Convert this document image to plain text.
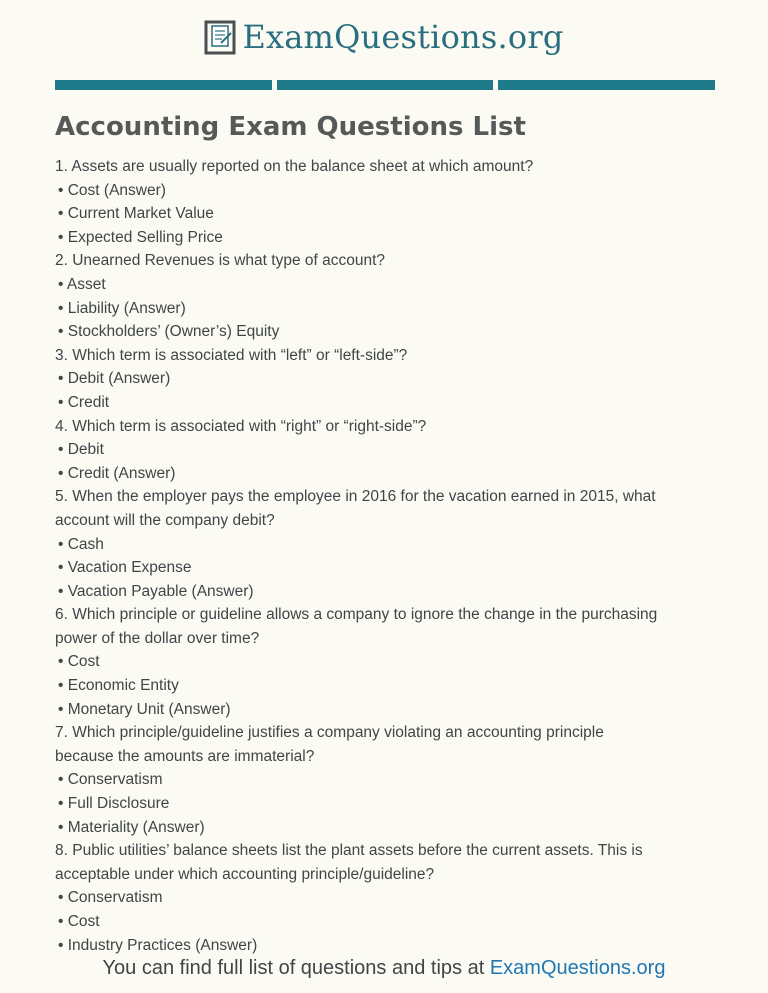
ExamQuestions.org
Accounting Exam Questions List
1. Assets are usually reported on the balance sheet at which amount?
• Cost (Answer)
• Current Market Value
• Expected Selling Price
2. Unearned Revenues is what type of account?
• Asset
• Liability (Answer)
• Stockholders’ (Owner’s) Equity
3. Which term is associated with “left” or “left-side”?
• Debit (Answer)
• Credit
4. Which term is associated with “right” or “right-side”?
• Debit
• Credit (Answer)
5. When the employer pays the employee in 2016 for the vacation earned in 2015, what
account will the company debit?
• Cash
• Vacation Expense
• Vacation Payable (Answer)
6. Which principle or guideline allows a company to ignore the change in the purchasing
power of the dollar over time?
• Cost
• Economic Entity
• Monetary Unit (Answer)
7. Which principle/guideline justifies a company violating an accounting principle
because the amounts are immaterial?
• Conservatism
• Full Disclosure
• Materiality (Answer)
8. Public utilities’ balance sheets list the plant assets before the current assets. This is
acceptable under which accounting principle/guideline?
• Conservatism
• Cost
• Industry Practices (Answer)
You can find full list of questions and tips at ExamQuestions.org
